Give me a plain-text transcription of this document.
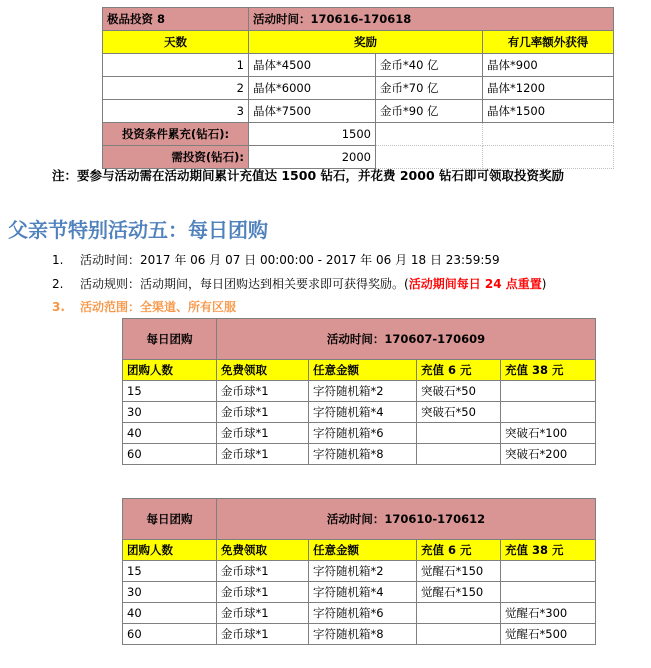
极品投资 8	活动时间：170616-170618		
天数	奖励		有几率额外获得
1	晶体*4500	金币*40 亿	晶体*900
2	晶体*6000	金币*70 亿	晶体*1200
3	晶体*7500	金币*90 亿	晶体*1500
投资条件累充(钻石):	1500		
需投资(钻石):	2000		
注：要参与活动需在活动期间累计充值达 1500 钻石，并花费 2000 钻石即可领取投资奖励
父亲节特别活动五：每日团购
1. 活动时间：2017 年 06 月 07 日 00:00:00 - 2017 年 06 月 18 日 23:59:59
2. 活动规则：活动期间，每日团购达到相关要求即可获得奖励。(活动期间每日 24 点重置)
3. 活动范围：全渠道、所有区服
每日团购	活动时间：170607-170609			
团购人数	免费领取	任意金额	充值 6 元	充值 38 元
15	金币球*1	字符随机箱*2	突破石*50	
30	金币球*1	字符随机箱*4	突破石*50	
40	金币球*1	字符随机箱*6		突破石*100
60	金币球*1	字符随机箱*8		突破石*200
每日团购	活动时间：170610-170612			
团购人数	免费领取	任意金额	充值 6 元	充值 38 元
15	金币球*1	字符随机箱*2	觉醒石*150	
30	金币球*1	字符随机箱*4	觉醒石*150	
40	金币球*1	字符随机箱*6		觉醒石*300
60	金币球*1	字符随机箱*8		觉醒石*500
